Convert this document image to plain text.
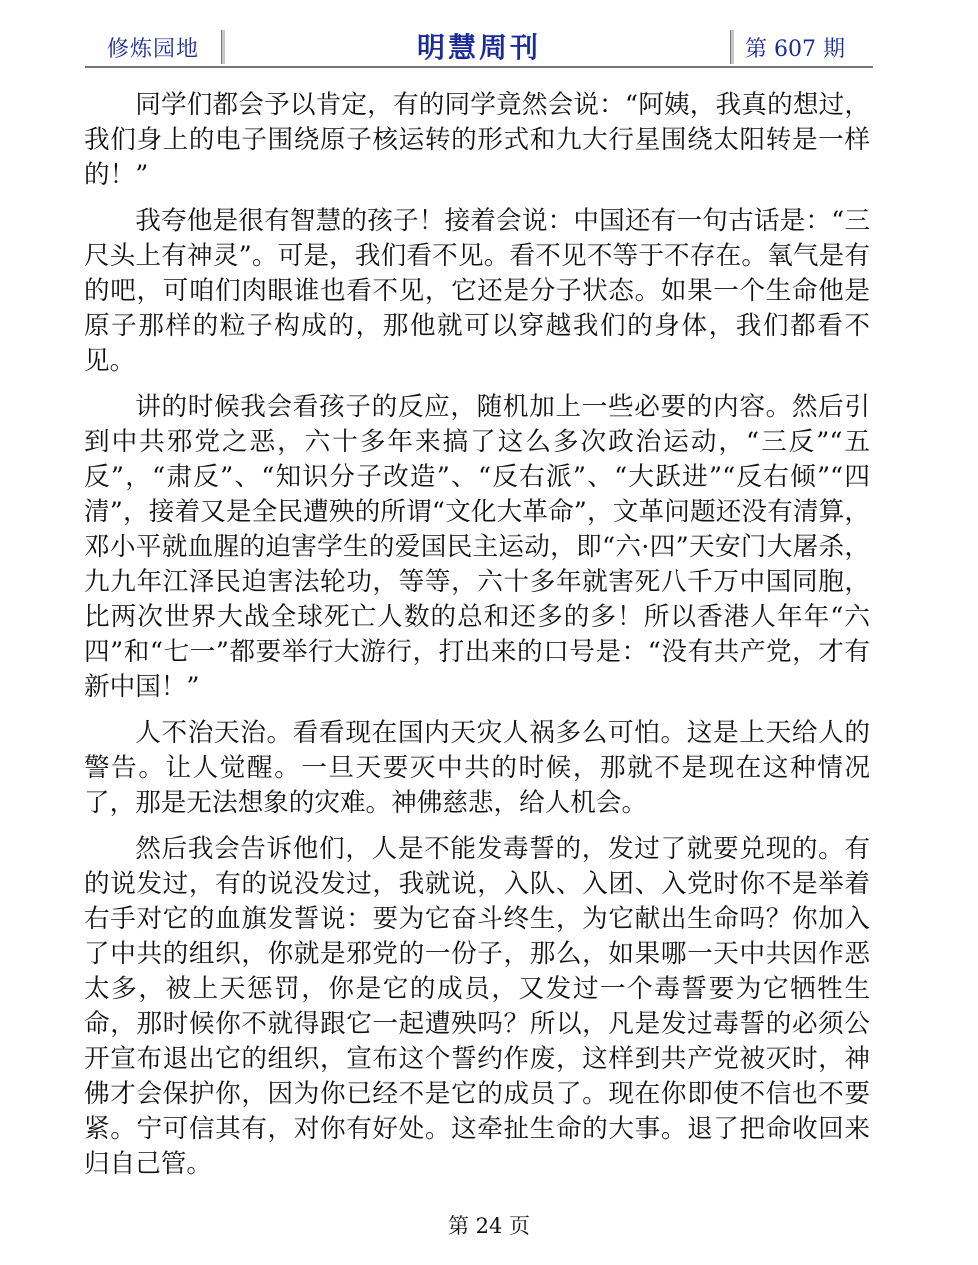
修炼园地	明慧周刊	第 607 期

同学们都会予以肯定，有的同学竟然会说：“阿姨，我真的想过，我们身上的电子围绕原子核运转的形式和九大行星围绕太阳转是一样的！”

我夸他是很有智慧的孩子！接着会说：中国还有一句古话是：“三尺头上有神灵”。可是，我们看不见。看不见不等于不存在。氧气是有的吧，可咱们肉眼谁也看不见，它还是分子状态。如果一个生命他是原子那样的粒子构成的，那他就可以穿越我们的身体，我们都看不见。

讲的时候我会看孩子的反应，随机加上一些必要的内容。然后引到中共邪党之恶，六十多年来搞了这么多次政治运动，“三反”“五反”，“肃反”、“知识分子改造”、“反右派”、“大跃进”“反右倾”“四清”，接着又是全民遭殃的所谓“文化大革命”，文革问题还没有清算，邓小平就血腥的迫害学生的爱国民主运动，即“六·四”天安门大屠杀，九九年江泽民迫害法轮功，等等，六十多年就害死八千万中国同胞，比两次世界大战全球死亡人数的总和还多的多！所以香港人年年“六四”和“七一”都要举行大游行，打出来的口号是：“没有共产党，才有新中国！”

人不治天治。看看现在国内天灾人祸多么可怕。这是上天给人的警告。让人觉醒。一旦天要灭中共的时候，那就不是现在这种情况了，那是无法想象的灾难。神佛慈悲，给人机会。

然后我会告诉他们，人是不能发毒誓的，发过了就要兑现的。有的说发过，有的说没发过，我就说，入队、入团、入党时你不是举着右手对它的血旗发誓说：要为它奋斗终生，为它献出生命吗？你加入了中共的组织，你就是邪党的一份子，那么，如果哪一天中共因作恶太多，被上天惩罚，你是它的成员，又发过一个毒誓要为它牺牲生命，那时候你不就得跟它一起遭殃吗？所以，凡是发过毒誓的必须公开宣布退出它的组织，宣布这个誓约作废，这样到共产党被灭时，神佛才会保护你，因为你已经不是它的成员了。现在你即使不信也不要紧。宁可信其有，对你有好处。这牵扯生命的大事。退了把命收回来归自己管。

第 24 页
